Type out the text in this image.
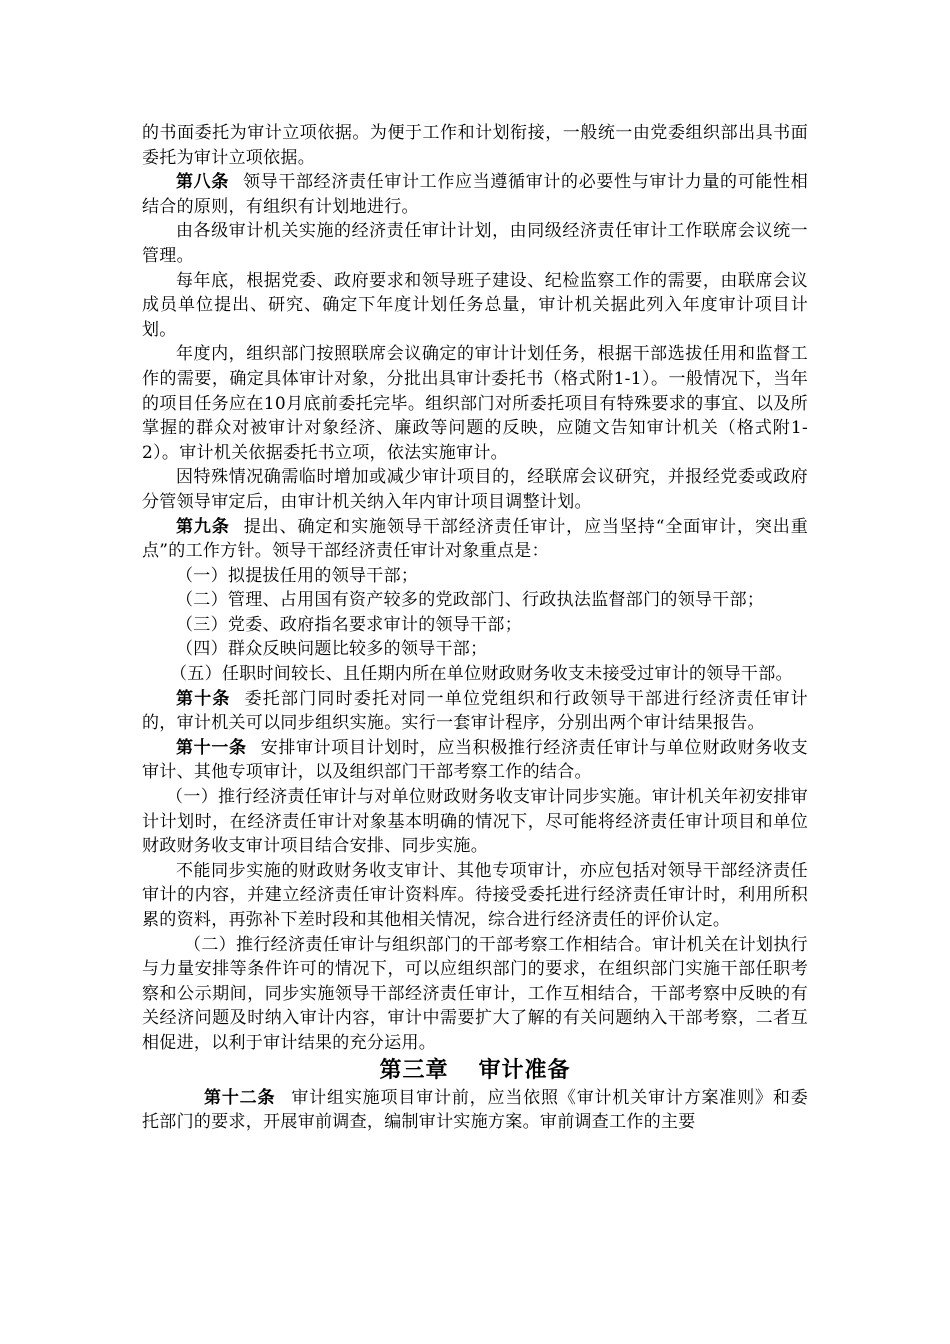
的书面委托为审计立项依据。为便于工作和计划衔接，一般统一由党委组织部出具书面委托为审计立项依据。

第八条 领导干部经济责任审计工作应当遵循审计的必要性与审计力量的可能性相结合的原则，有组织有计划地进行。

由各级审计机关实施的经济责任审计计划，由同级经济责任审计工作联席会议统一管理。

每年底，根据党委、政府要求和领导班子建设、纪检监察工作的需要，由联席会议成员单位提出、研究、确定下年度计划任务总量，审计机关据此列入年度审计项目计划。

年度内，组织部门按照联席会议确定的审计计划任务，根据干部选拔任用和监督工作的需要，确定具体审计对象，分批出具审计委托书（格式附1-1）。一般情况下，当年的项目任务应在10月底前委托完毕。组织部门对所委托项目有特殊要求的事宜、以及所掌握的群众对被审计对象经济、廉政等问题的反映，应随文告知审计机关（格式附1-2）。审计机关依据委托书立项，依法实施审计。

因特殊情况确需临时增加或减少审计项目的，经联席会议研究，并报经党委或政府分管领导审定后，由审计机关纳入年内审计项目调整计划。

第九条 提出、确定和实施领导干部经济责任审计，应当坚持“全面审计，突出重点”的工作方针。领导干部经济责任审计对象重点是：

（一）拟提拔任用的领导干部；

（二）管理、占用国有资产较多的党政部门、行政执法监督部门的领导干部；

（三）党委、政府指名要求审计的领导干部；

（四）群众反映问题比较多的领导干部；

（五）任职时间较长、且任期内所在单位财政财务收支未接受过审计的领导干部。

第十条 委托部门同时委托对同一单位党组织和行政领导干部进行经济责任审计的，审计机关可以同步组织实施。实行一套审计程序，分别出两个审计结果报告。

第十一条 安排审计项目计划时，应当积极推行经济责任审计与单位财政财务收支审计、其他专项审计，以及组织部门干部考察工作的结合。

（一）推行经济责任审计与对单位财政财务收支审计同步实施。审计机关年初安排审计计划时，在经济责任审计对象基本明确的情况下，尽可能将经济责任审计项目和单位财政财务收支审计项目结合安排、同步实施。

不能同步实施的财政财务收支审计、其他专项审计，亦应包括对领导干部经济责任审计的内容，并建立经济责任审计资料库。待接受委托进行经济责任审计时，利用所积累的资料，再弥补下差时段和其他相关情况，综合进行经济责任的评价认定。

（二）推行经济责任审计与组织部门的干部考察工作相结合。审计机关在计划执行与力量安排等条件许可的情况下，可以应组织部门的要求，在组织部门实施干部任职考察和公示期间，同步实施领导干部经济责任审计，工作互相结合，干部考察中反映的有关经济问题及时纳入审计内容，审计中需要扩大了解的有关问题纳入干部考察，二者互相促进，以利于审计结果的充分运用。

第三章 审计准备

第十二条 审计组实施项目审计前，应当依照《审计机关审计方案准则》和委托部门的要求，开展审前调查，编制审计实施方案。审前调查工作的主要
